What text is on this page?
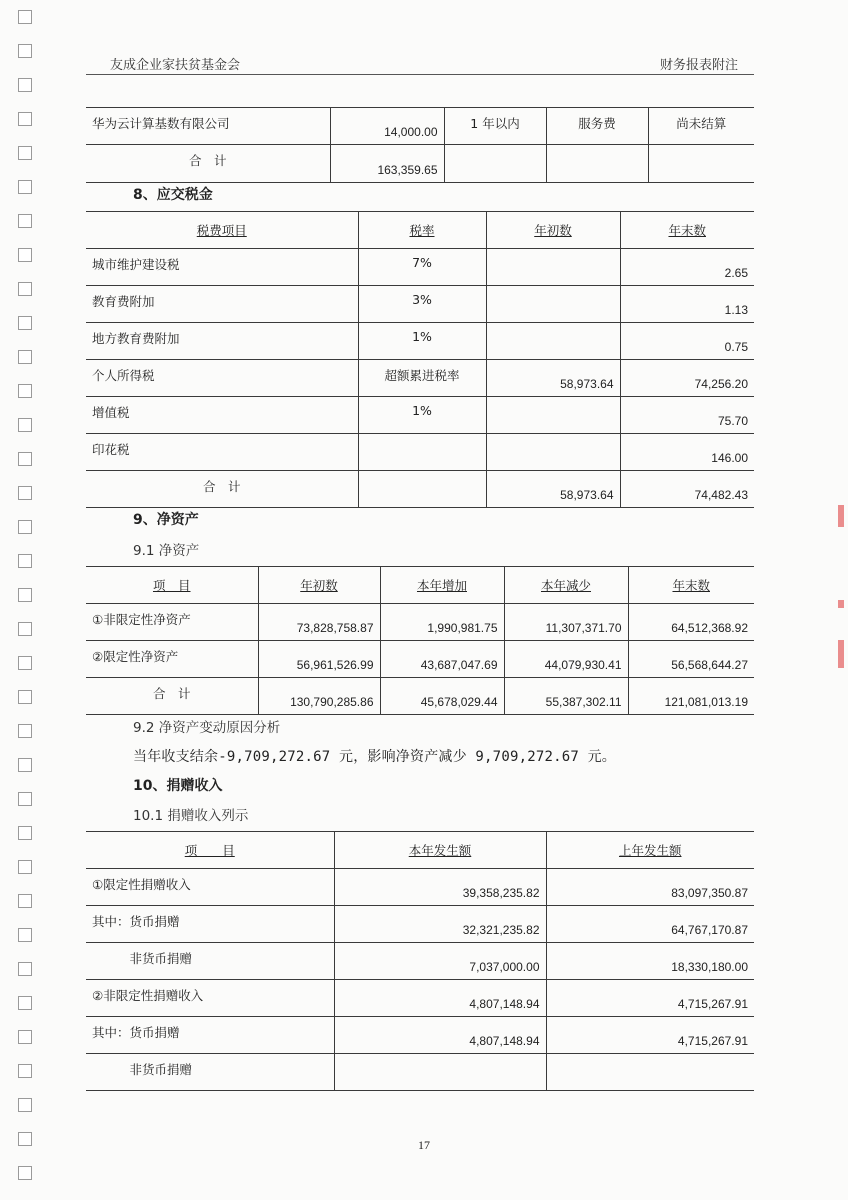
友成企业家扶贫基金会	财务报表附注
华为云计算基数有限公司	14,000.00	1 年以内	服务费	尚未结算
合　计	163,359.65			
8、应交税金
税费项目	税率	年初数	年末数
城市维护建设税	7%		2.65
教育费附加	3%		1.13
地方教育费附加	1%		0.75
个人所得税	超额累进税率	58,973.64	74,256.20
增值税	1%		75.70
印花税			146.00
合　计		58,973.64	74,482.43
9、净资产
9.1 净资产
项　目	年初数	本年增加	本年减少	年末数
①非限定性净资产	73,828,758.87	1,990,981.75	11,307,371.70	64,512,368.92
②限定性净资产	56,961,526.99	43,687,047.69	44,079,930.41	56,568,644.27
合　计	130,790,285.86	45,678,029.44	55,387,302.11	121,081,013.19
9.2 净资产变动原因分析
当年收支结余-9,709,272.67 元，影响净资产减少 9,709,272.67 元。
10、捐赠收入
10.1 捐赠收入列示
项　　目	本年发生额	上年发生额
①限定性捐赠收入	39,358,235.82	83,097,350.87
其中：货币捐赠	32,321,235.82	64,767,170.87
　　　非货币捐赠	7,037,000.00	18,330,180.00
②非限定性捐赠收入	4,807,148.94	4,715,267.91
其中：货币捐赠	4,807,148.94	4,715,267.91
　　　非货币捐赠		
17
